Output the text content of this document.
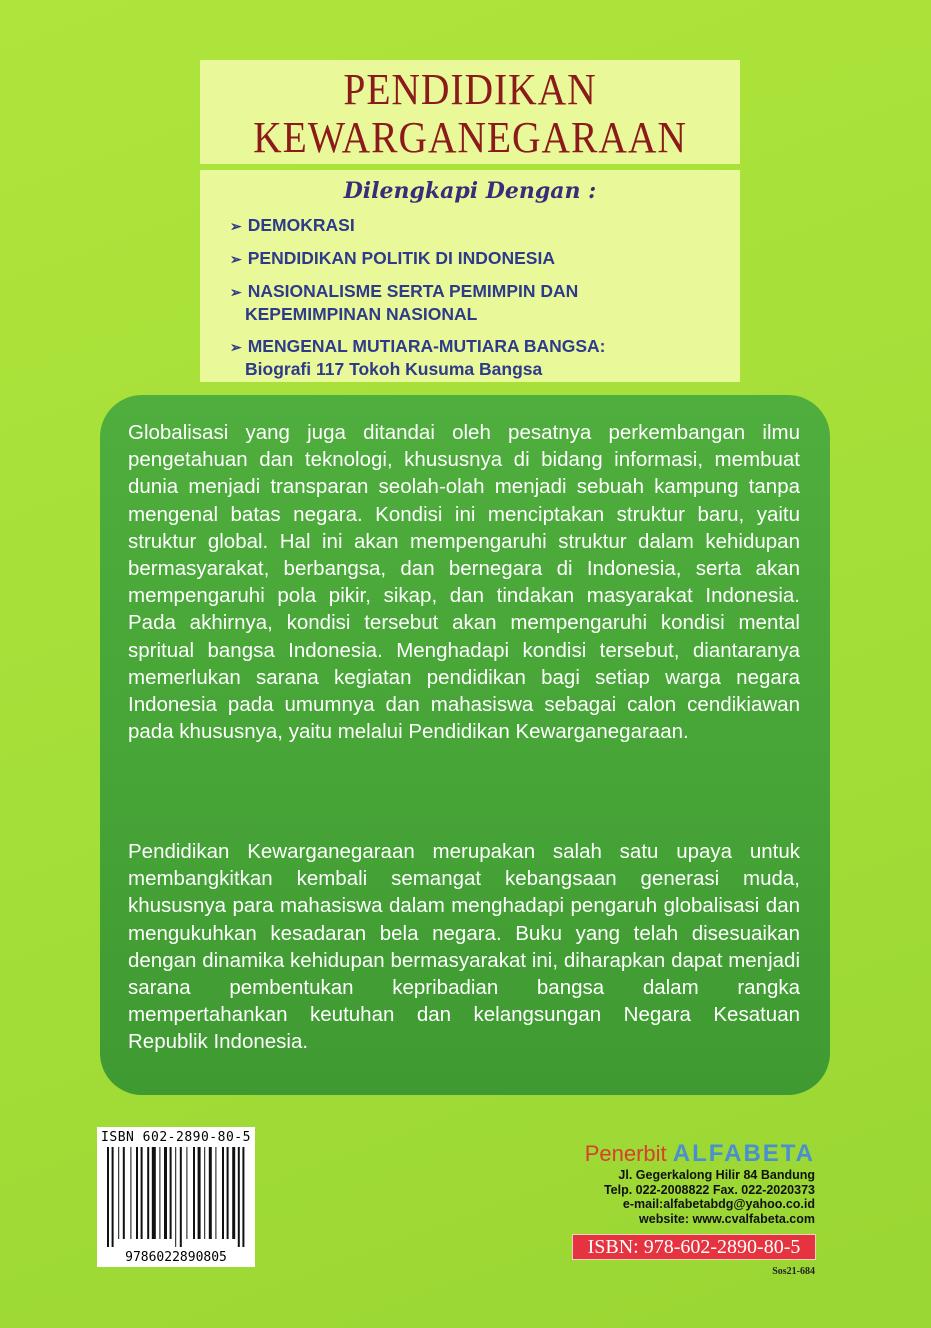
PENDIDIKAN
KEWARGANEGARAAN
Dilengkapi Dengan :
➢ DEMOKRASI
➢ PENDIDIKAN POLITIK DI INDONESIA
➢ NASIONALISME SERTA PEMIMPIN DAN
KEPEMIMPINAN NASIONAL
➢ MENGENAL MUTIARA-MUTIARA BANGSA:
Biografi 117 Tokoh Kusuma Bangsa

Globalisasi yang juga ditandai oleh pesatnya perkembangan ilmu pengetahuan dan teknologi, khususnya di bidang informasi, membuat dunia menjadi transparan seolah-olah menjadi sebuah kampung tanpa mengenal batas negara. Kondisi ini menciptakan struktur baru, yaitu struktur global. Hal ini akan mempengaruhi struktur dalam kehidupan bermasyarakat, berbangsa, dan bernegara di Indonesia, serta akan mempengaruhi pola pikir, sikap, dan tindakan masyarakat Indonesia. Pada akhirnya, kondisi tersebut akan mempengaruhi kondisi mental spritual bangsa Indonesia. Menghadapi kondisi tersebut, diantaranya memerlukan sarana kegiatan pendidikan bagi setiap warga negara Indonesia pada umumnya dan mahasiswa sebagai calon cendikiawan pada khususnya, yaitu melalui Pendidikan Kewarganegaraan.

Pendidikan Kewarganegaraan merupakan salah satu upaya untuk membangkitkan kembali semangat kebangsaan generasi muda, khususnya para mahasiswa dalam menghadapi pengaruh globalisasi dan mengukuhkan kesadaran bela negara. Buku yang telah disesuaikan dengan dinamika kehidupan bermasyarakat ini, diharapkan dapat menjadi sarana pembentukan kepribadian bangsa dalam rangka mempertahankan keutuhan dan kelangsungan Negara Kesatuan Republik Indonesia.

ISBN 602-2890-80-5
9786022890805
Penerbit ALFABETA
Jl. Gegerkalong Hilir 84 Bandung
Telp. 022-2008822 Fax. 022-2020373
e-mail:alfabetabdg@yahoo.co.id
website: www.cvalfabeta.com
ISBN: 978-602-2890-80-5
Sos21-684
